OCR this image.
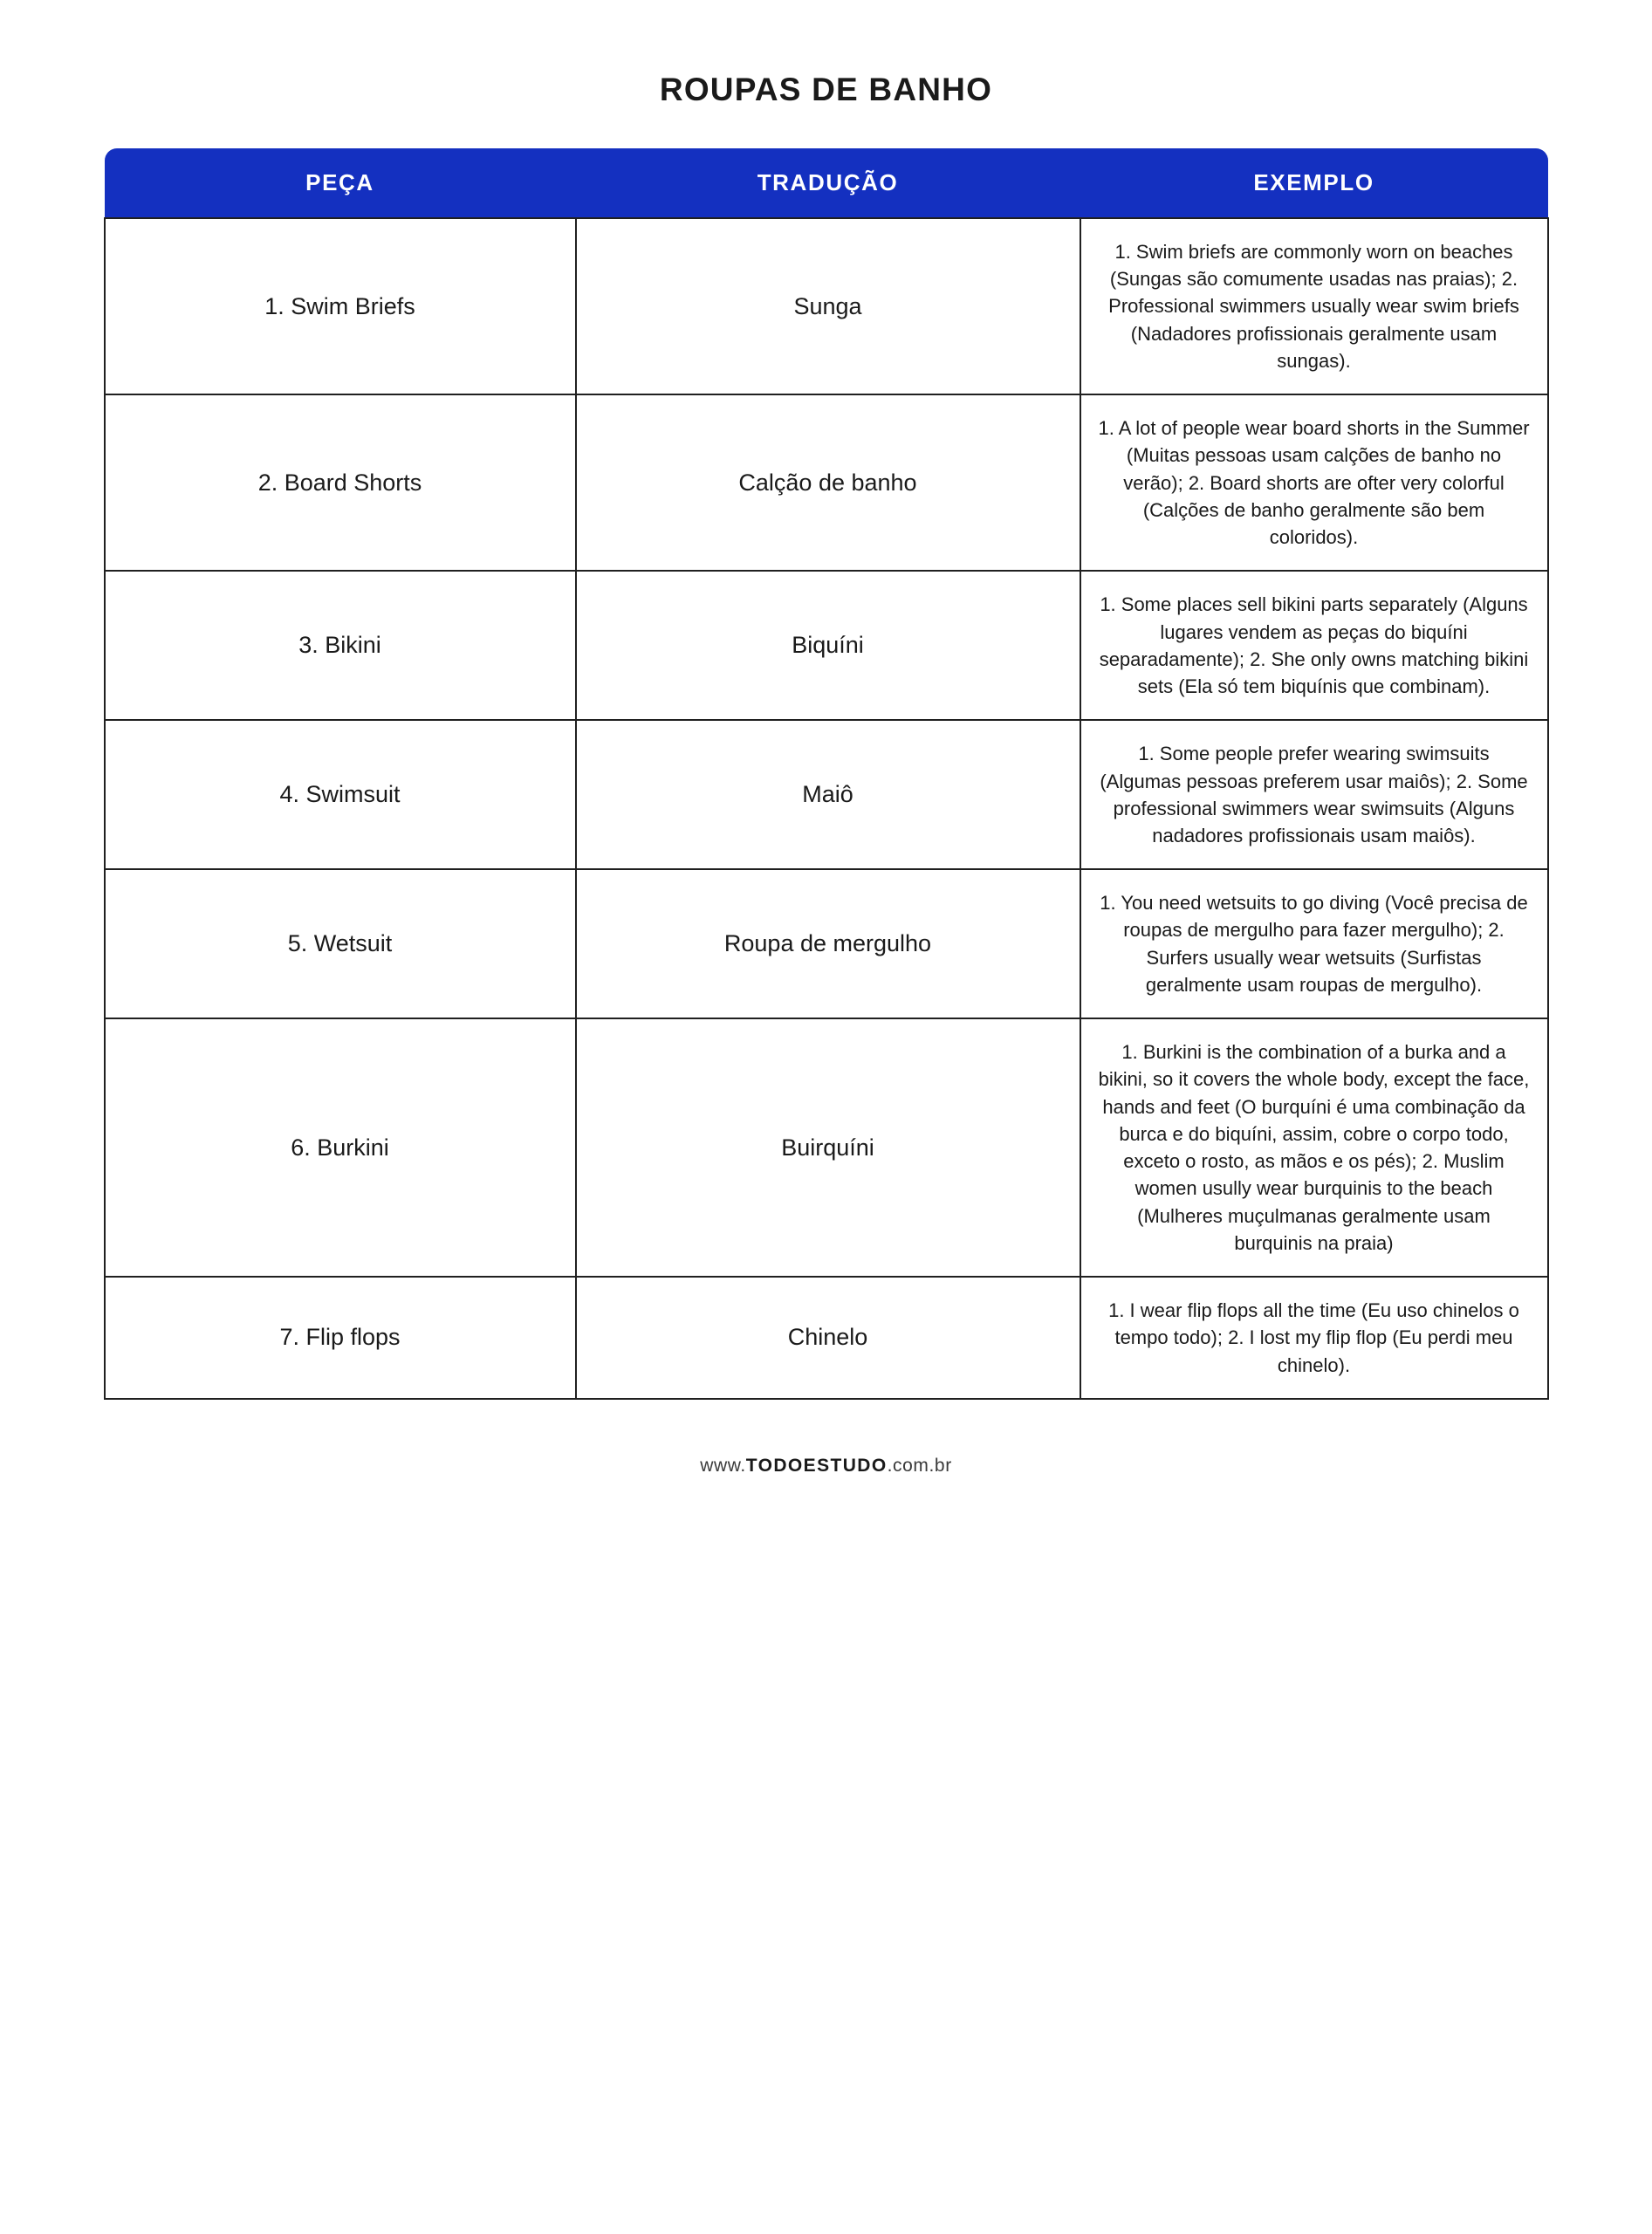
ROUPAS DE BANHO
PEÇA	TRADUÇÃO	EXEMPLO
1. Swim Briefs	Sunga	1. Swim briefs are commonly worn on beaches (Sungas são comumente usadas nas praias); 2. Professional swimmers usually wear swim briefs (Nadadores profissionais geralmente usam sungas).
2. Board Shorts	Calção de banho	1. A lot of people wear board shorts in the Summer (Muitas pessoas usam calções de banho no verão); 2. Board shorts are ofter very colorful (Calções de banho geralmente são bem coloridos).
3. Bikini	Biquíni	1. Some places sell bikini parts separately (Alguns lugares vendem as peças do biquíni separadamente); 2. She only owns matching bikini sets (Ela só tem biquínis que combinam).
4. Swimsuit	Maiô	1. Some people prefer wearing swimsuits (Algumas pessoas preferem usar maiôs); 2. Some professional swimmers wear swimsuits (Alguns nadadores profissionais usam maiôs).
5. Wetsuit	Roupa de mergulho	1. You need wetsuits to go diving (Você precisa de roupas de mergulho para fazer mergulho); 2. Surfers usually wear wetsuits (Surfistas geralmente usam roupas de mergulho).
6. Burkini	Buirquíni	1. Burkini is the combination of a burka and a bikini, so it covers the whole body, except the face, hands and feet (O burquíni é uma combinação da burca e do biquíni, assim, cobre o corpo todo, exceto o rosto, as mãos e os pés); 2. Muslim women usully wear burquinis to the beach (Mulheres muçulmanas geralmente usam burquinis na praia)
7. Flip flops	Chinelo	1. I wear flip flops all the time (Eu uso chinelos o tempo todo); 2. I lost my flip flop (Eu perdi meu chinelo).
www.TODOESTUDO.com.br
